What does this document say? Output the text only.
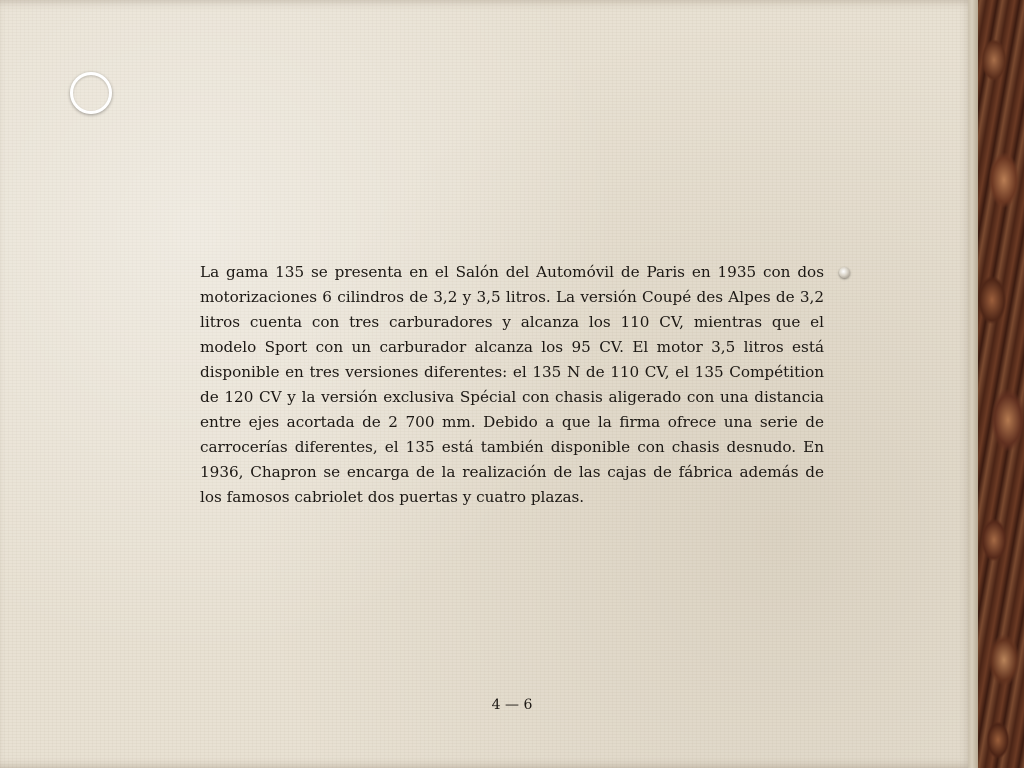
La gama 135 se presenta en el Salón del Automóvil de Paris en 1935 con dos motorizaciones 6 cilindros de 3,2 y 3,5 litros. La versión Coupé des Alpes de 3,2 litros cuenta con tres carburadores y alcanza los 110 CV, mientras que el modelo Sport con un carburador alcanza los 95 CV. El motor 3,5 litros está disponible en tres versiones diferentes: el 135 N de 110 CV, el 135 Compétition de 120 CV y la versión exclusiva Spécial con chasis aligerado con una distancia entre ejes acortada de 2 700 mm. Debido a que la firma ofrece una serie de carrocerías diferentes, el 135 está también disponible con chasis desnudo. En 1936, Chapron se encarga de la realización de las cajas de fábrica además de los famosos cabriolet dos puertas y cuatro plazas.

4 — 6
